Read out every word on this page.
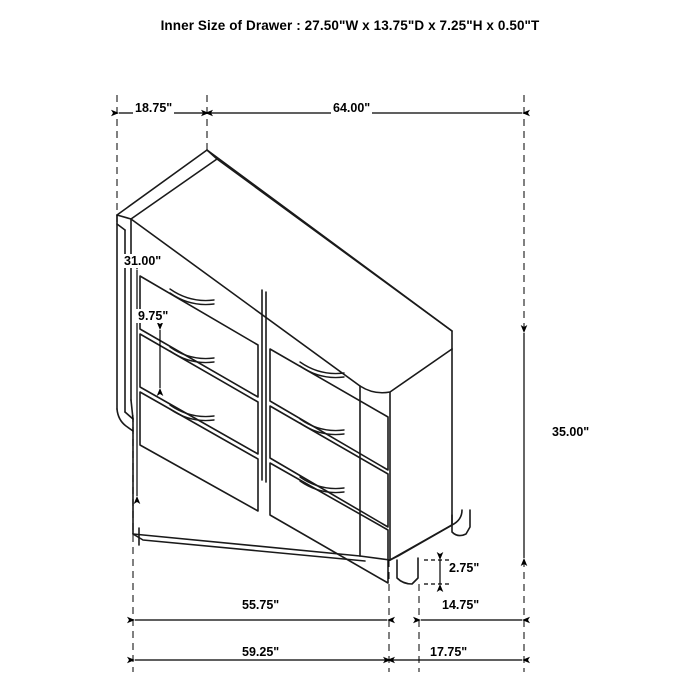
Inner Size of Drawer : 27.50"W x 13.75"D x 7.25"H x 0.50"T
18.75"	64.00"
31.00"
9.75"
35.00"
2.75"
55.75"	14.75"
59.25"	17.75"
